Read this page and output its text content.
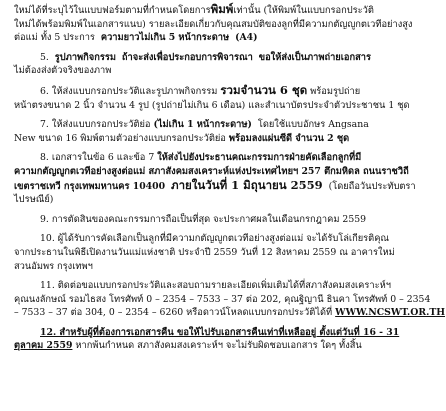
ใหม่ได้ที่ระบุไว้ในแบบฟอร์มตามที่กำหนดโดยการพิมพ์เท่านั้น (ให้พิมพ์ในแบบกรอกประวัติ

ใหม่ได้พร้อมพิมพ์ในเอกสารแนบ) รายละเอียดเกี่ยวกับคุณสมบัติของลูกที่มีความกตัญญูกตเวทีอย่างสูง

ต่อแม่ ทั้ง 5 ประการ ความยาวไม่เกิน 5 หน้ากระดาษ (A4)

5. รูปภาพกิจกรรม ถ้าจะส่งเพื่อประกอบการพิจารณา ขอให้ส่งเป็นภาพถ่ายเอกสาร

ไม่ต้องส่งตัวจริงของภาพ

6. ให้ส่งแบบกรอกประวัติและรูปภาพกิจกรรม รวมจำนวน 6 ชุด พร้อมรูปถ่าย

หน้าตรงขนาด 2 นิ้ว จำนวน 4 รูป (รูปถ่ายไม่เกิน 6 เดือน) และสำเนาบัตรประจำตัวประชาชน 1 ชุด

7. ให้ส่งแบบกรอกประวัติย่อ (ไม่เกิน 1 หน้ากระดาษ) โดยใช้แบบอักษร Angsana

New ขนาด 16 พิมพ์ตามตัวอย่างแบบกรอกประวัติย่อ พร้อมลงแผ่นซีดี จำนวน 2 ชุด

8. เอกสารในข้อ 6 และข้อ 7 ให้ส่งไปยังประธานคณะกรรมการฝ่ายคัดเลือกลูกที่มี

ความกตัญญูกตเวทีอย่างสูงต่อแม่ สภาสังคมสงเคราะห์แห่งประเทศไทยฯ 257 ตึกมหิดล ถนนราชวิถี

เขตราชเทวี กรุงเทพมหานคร 10400 ภายในวันที่ 1 มิถุนายน 2559 (โดยถือวันประทับตรา

ไปรษณีย์)

9. การตัดสินของคณะกรรมการถือเป็นที่สุด จะประกาศผลในเดือนกรกฎาคม 2559

10. ผู้ได้รับการคัดเลือกเป็นลูกที่มีความกตัญญูกตเวทีอย่างสูงต่อแม่ จะได้รับโล่เกียรติคุณ

จากประธานในพิธีเปิดงานวันแม่แห่งชาติ ประจำปี 2559 วันที่ 12 สิงหาคม 2559 ณ อาคารใหม่

สวนอัมพร กรุงเทพฯ

11. ติดต่อขอแบบกรอกประวัติและสอบถามรายละเอียดเพิ่มเติมได้ที่สภาสังคมสงเคราะห์ฯ

คุณนงลักษณ์ รอมไธสง โทรศัพท์ 0 – 2354 – 7533 – 37 ต่อ 202, คุณฐิญานี ธินคา โทรศัพท์ 0 – 2354

– 7533 – 37 ต่อ 304, 0 – 2354 – 6260 หรือดาวน์โหลดแบบกรอกประวัติได้ที่ WWW.NCSWT.OR.TH

12. สำหรับผู้ที่ต้องการเอกสารคืน ขอให้ไปรับเอกสารคืนเท่าที่เหลืออยู่ ตั้งแต่วันที่ 16 - 31

ตุลาคม 2559 หากพ้นกำหนด สภาสังคมสงเคราะห์ฯ จะไม่รับผิดชอบเอกสาร ใดๆ ทั้งสิ้น
